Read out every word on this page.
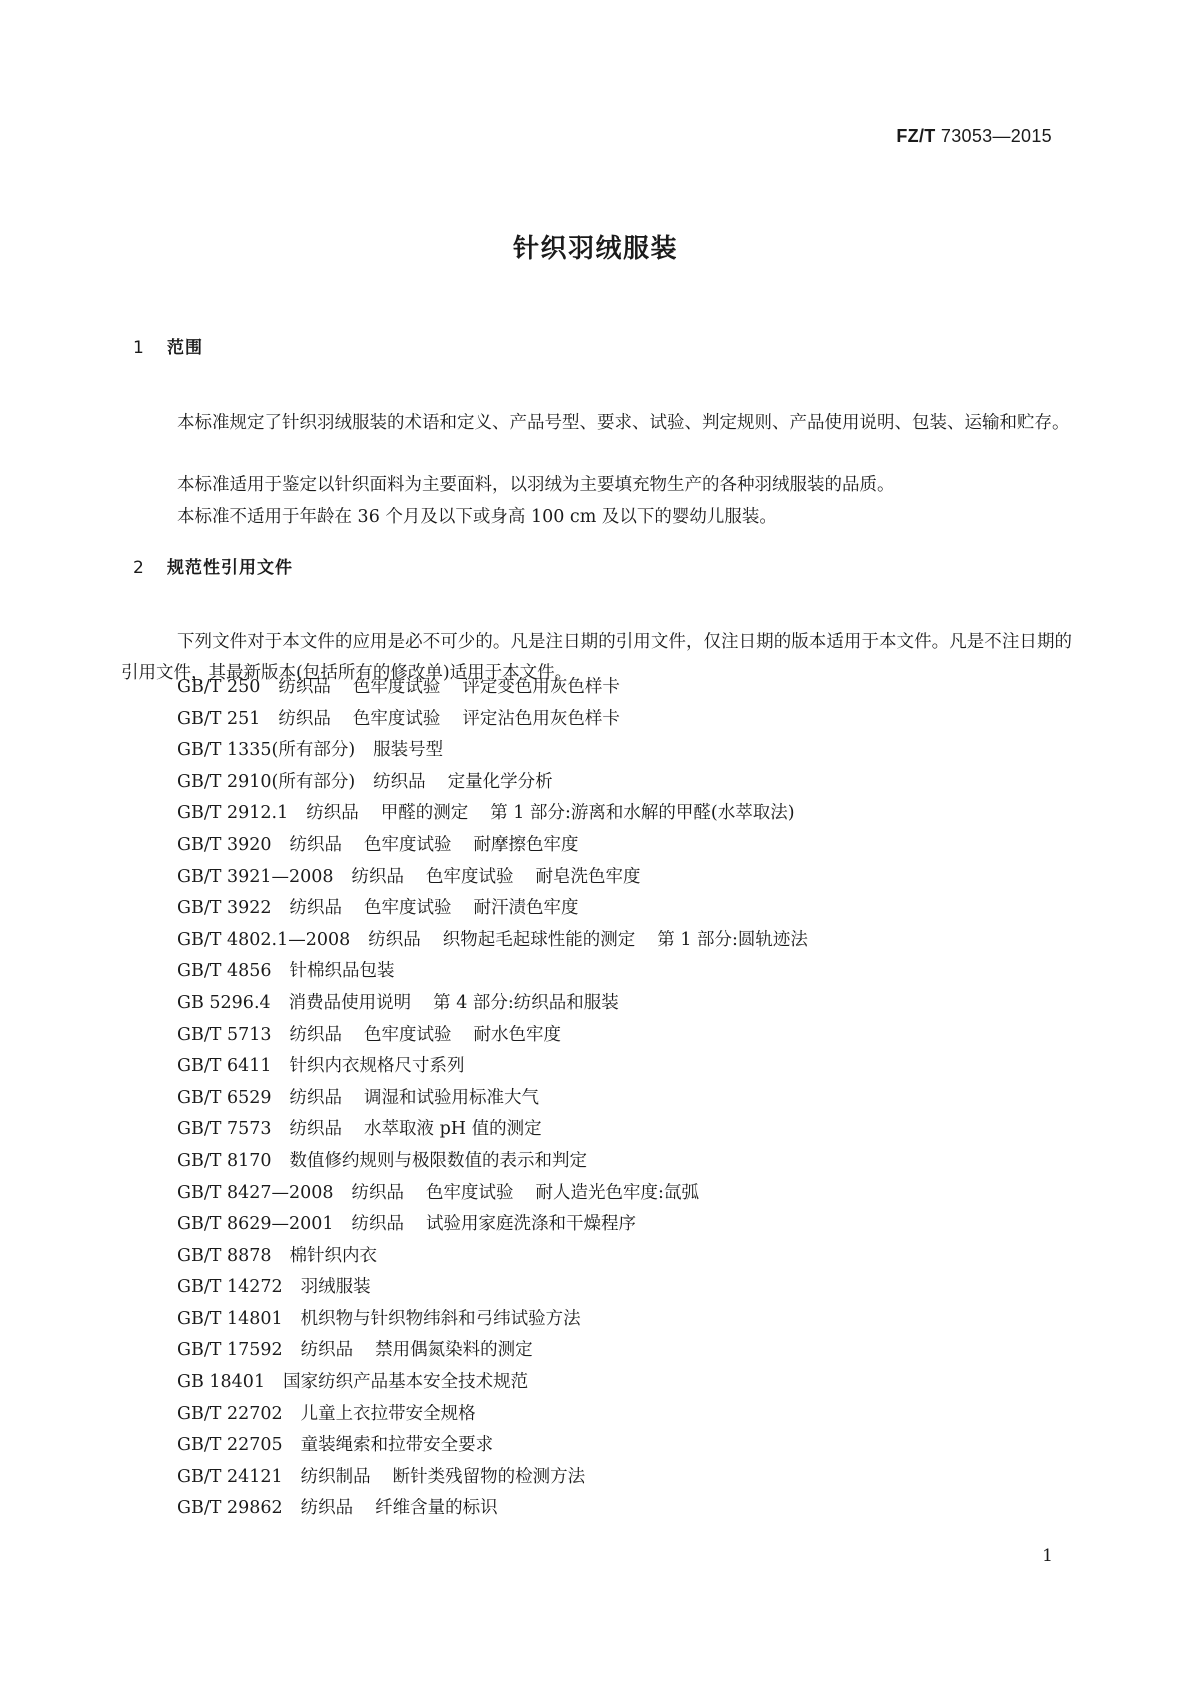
FZ/T 73053—2015
针织羽绒服装
1 范围

本标准规定了针织羽绒服装的术语和定义、产品号型、要求、试验、判定规则、产品使用说明、包装、运输和贮存。

本标准适用于鉴定以针织面料为主要面料，以羽绒为主要填充物生产的各种羽绒服装的品质。

本标准不适用于年龄在 36 个月及以下或身高 100 cm 及以下的婴幼儿服装。

2 规范性引用文件

下列文件对于本文件的应用是必不可少的。凡是注日期的引用文件，仅注日期的版本适用于本文件。凡是不注日期的引用文件，其最新版本(包括所有的修改单)适用于本文件。

GB/T 250 纺织品 色牢度试验 评定变色用灰色样卡
GB/T 251 纺织品 色牢度试验 评定沾色用灰色样卡
GB/T 1335(所有部分) 服装号型
GB/T 2910(所有部分) 纺织品 定量化学分析
GB/T 2912.1 纺织品 甲醛的测定 第 1 部分:游离和水解的甲醛(水萃取法)
GB/T 3920 纺织品 色牢度试验 耐摩擦色牢度
GB/T 3921—2008 纺织品 色牢度试验 耐皂洗色牢度
GB/T 3922 纺织品 色牢度试验 耐汗渍色牢度
GB/T 4802.1—2008 纺织品 织物起毛起球性能的测定 第 1 部分:圆轨迹法
GB/T 4856 针棉织品包装
GB 5296.4 消费品使用说明 第 4 部分:纺织品和服装
GB/T 5713 纺织品 色牢度试验 耐水色牢度
GB/T 6411 针织内衣规格尺寸系列
GB/T 6529 纺织品 调湿和试验用标准大气
GB/T 7573 纺织品 水萃取液 pH 值的测定
GB/T 8170 数值修约规则与极限数值的表示和判定
GB/T 8427—2008 纺织品 色牢度试验 耐人造光色牢度:氙弧
GB/T 8629—2001 纺织品 试验用家庭洗涤和干燥程序
GB/T 8878 棉针织内衣
GB/T 14272 羽绒服装
GB/T 14801 机织物与针织物纬斜和弓纬试验方法
GB/T 17592 纺织品 禁用偶氮染料的测定
GB 18401 国家纺织产品基本安全技术规范
GB/T 22702 儿童上衣拉带安全规格
GB/T 22705 童装绳索和拉带安全要求
GB/T 24121 纺织制品 断针类残留物的检测方法
GB/T 29862 纺织品 纤维含量的标识
1
